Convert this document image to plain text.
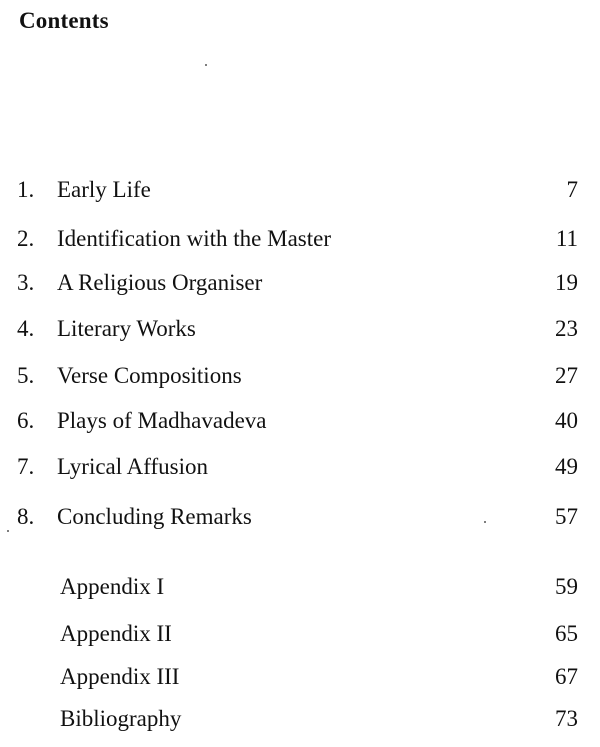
Contents
1. Early Life	7
2. Identification with the Master	11
3. A Religious Organiser	19
4. Literary Works	23
5. Verse Compositions	27
6. Plays of Madhavadeva	40
7. Lyrical Affusion	49
8. Concluding Remarks	57
Appendix I	59
Appendix II	65
Appendix III	67
Bibliography	73
